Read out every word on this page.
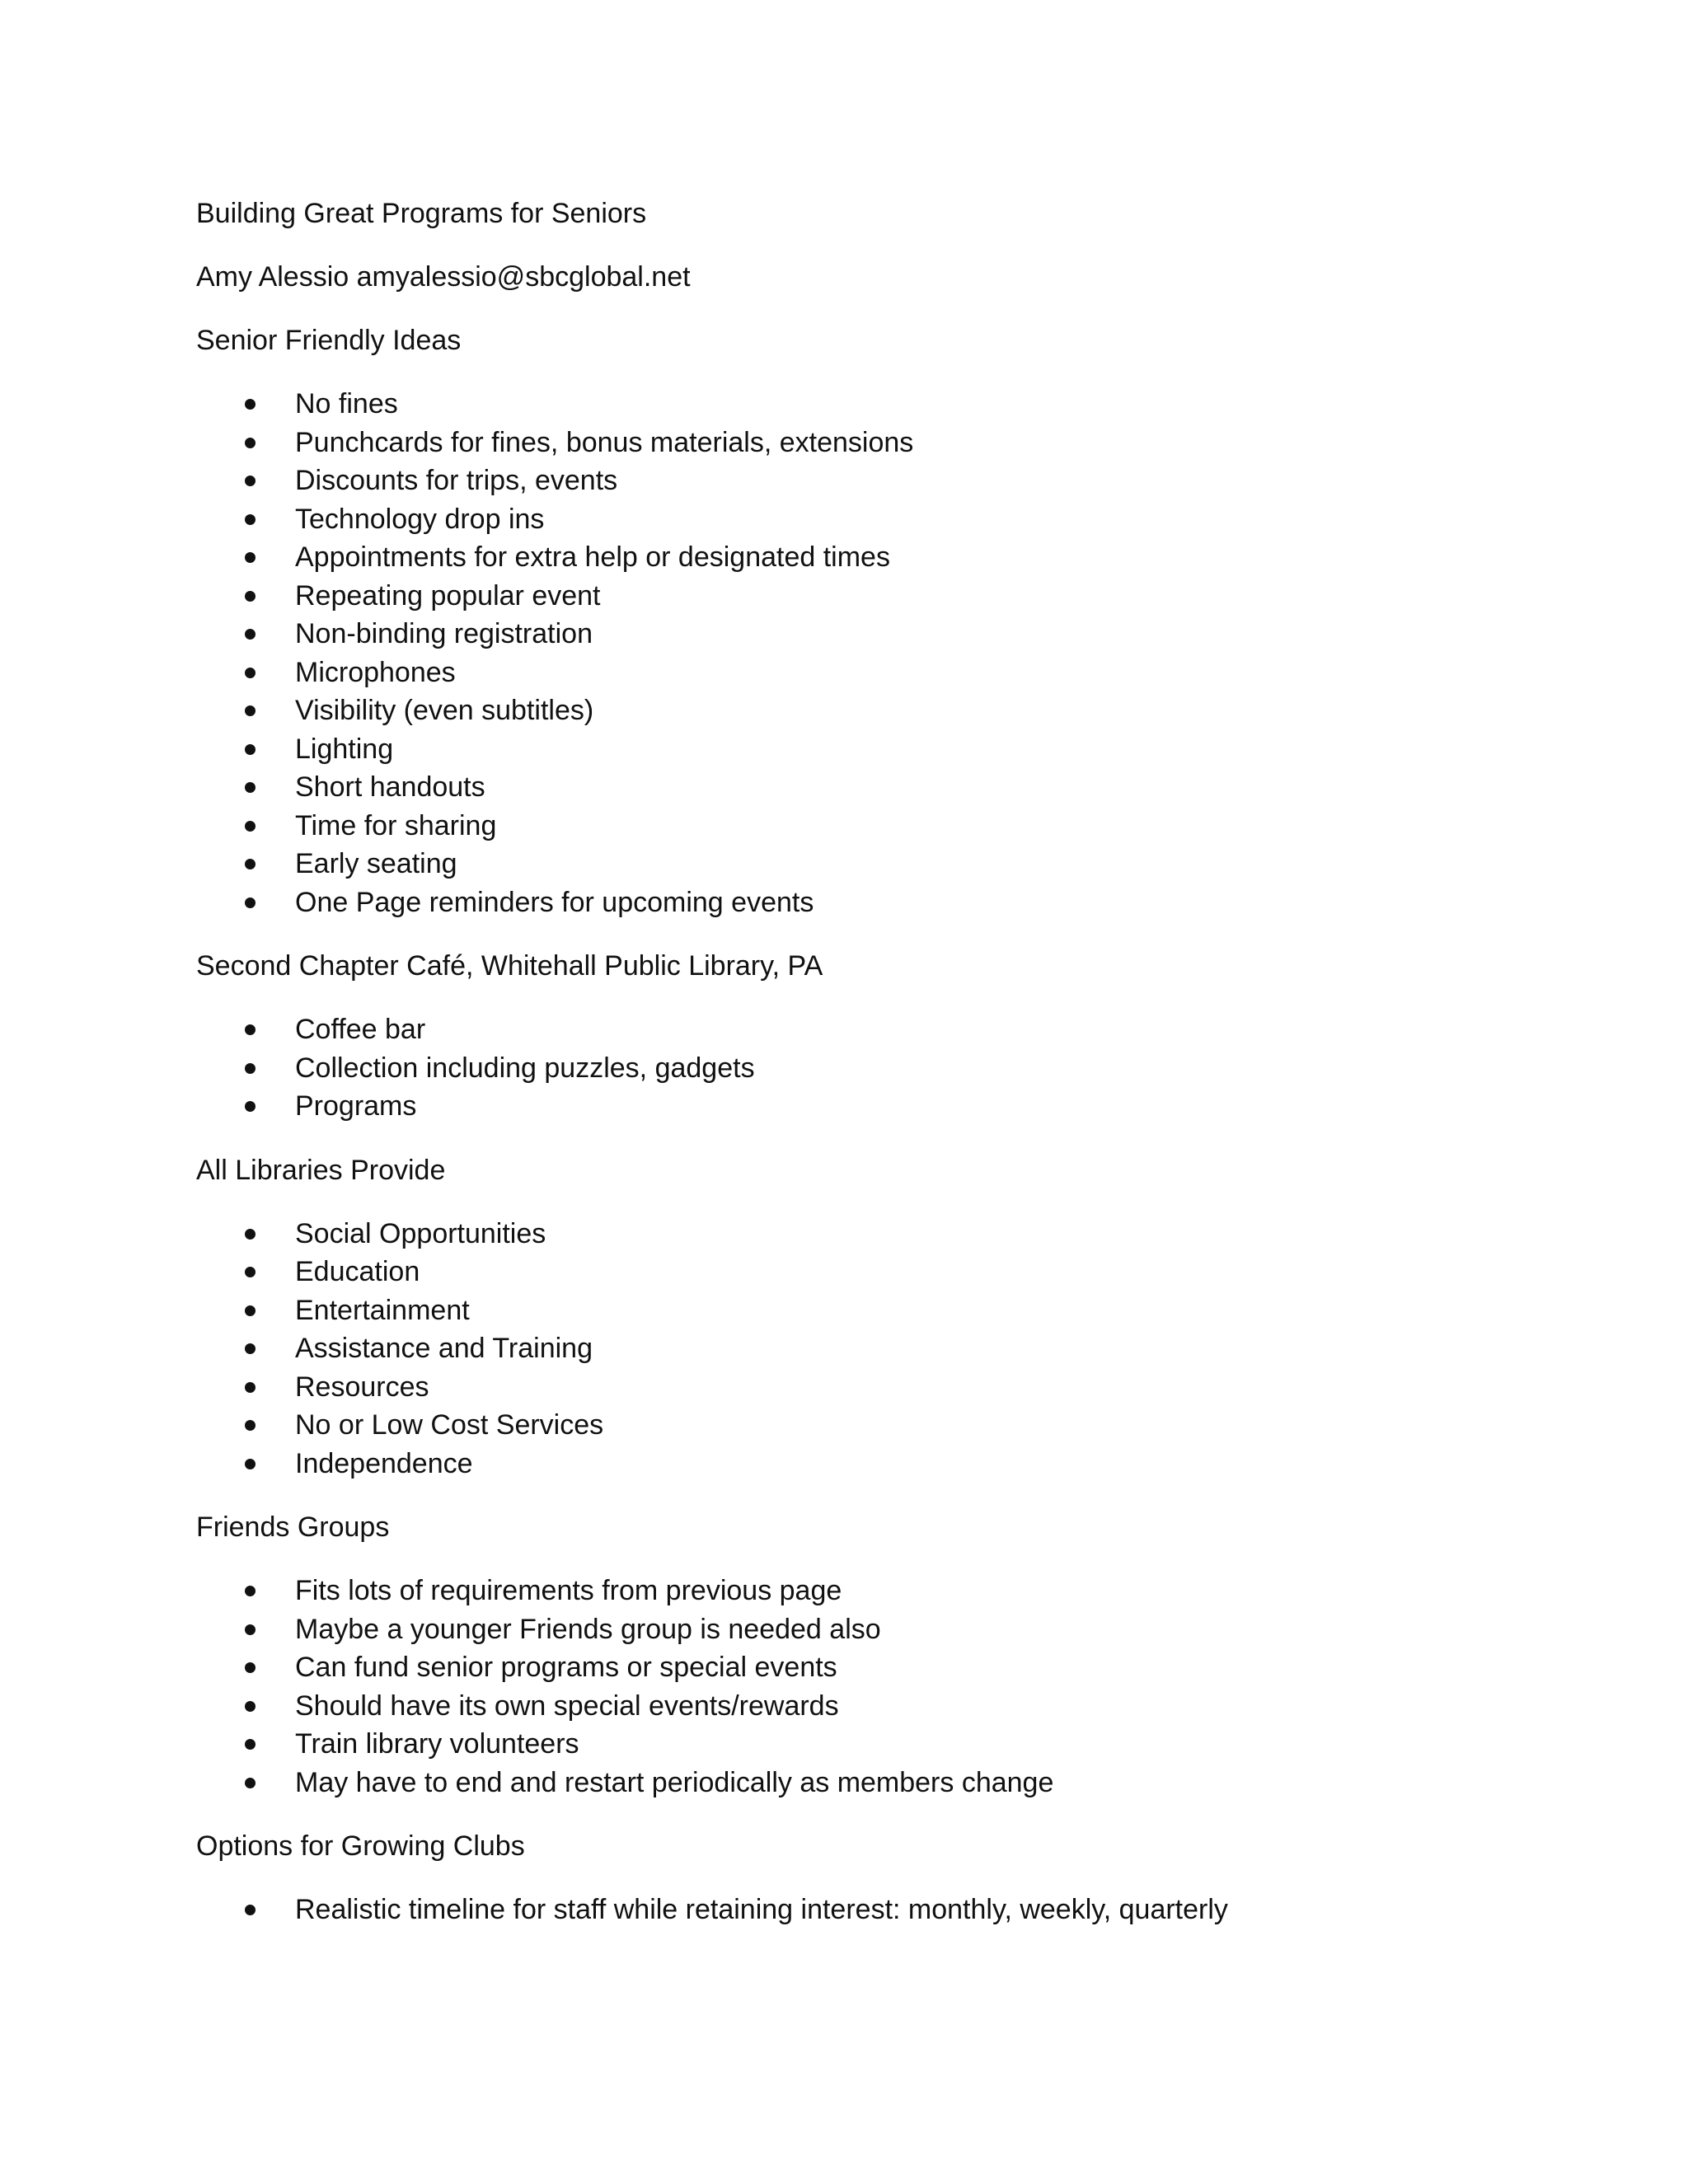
Building Great Programs for Seniors

Amy Alessio amyalessio@sbcglobal.net

Senior Friendly Ideas

No fines
Punchcards for fines, bonus materials, extensions
Discounts for trips, events
Technology drop ins
Appointments for extra help or designated times
Repeating popular event
Non-binding registration
Microphones
Visibility (even subtitles)
Lighting
Short handouts
Time for sharing
Early seating
One Page reminders for upcoming events

Second Chapter Café, Whitehall Public Library, PA

Coffee bar
Collection including puzzles, gadgets
Programs

All Libraries Provide

Social Opportunities
Education
Entertainment
Assistance and Training
Resources
No or Low Cost Services
Independence

Friends Groups

Fits lots of requirements from previous page
Maybe a younger Friends group is needed also
Can fund senior programs or special events
Should have its own special events/rewards
Train library volunteers
May have to end and restart periodically as members change

Options for Growing Clubs

Realistic timeline for staff while retaining interest: monthly, weekly, quarterly
